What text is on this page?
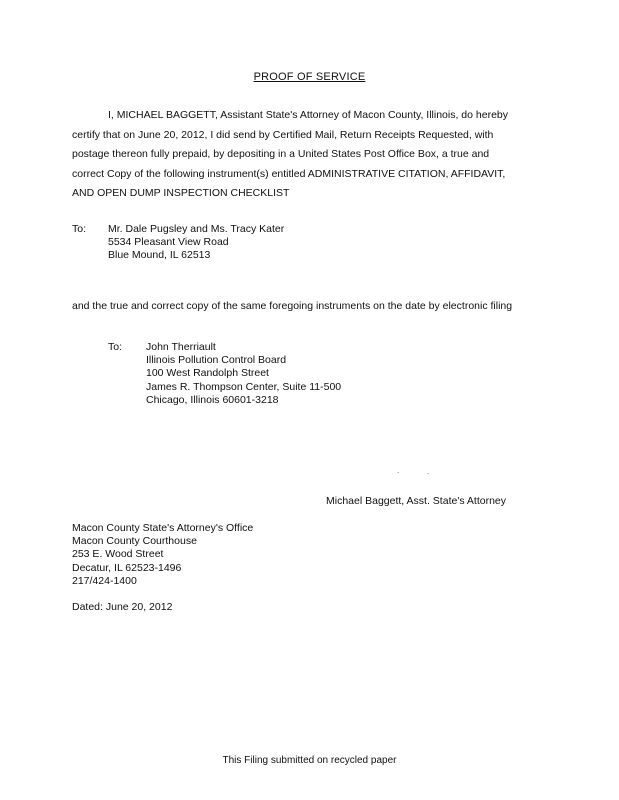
PROOF OF SERVICE
I, MICHAEL BAGGETT, Assistant State's Attorney of Macon County, Illinois, do hereby
certify that on June 20, 2012, I did send by Certified Mail, Return Receipts Requested, with
postage thereon fully prepaid, by depositing in a United States Post Office Box, a true and
correct Copy of the following instrument(s) entitled ADMINISTRATIVE CITATION, AFFIDAVIT,
AND OPEN DUMP INSPECTION CHECKLIST
To: Mr. Dale Pugsley and Ms. Tracy Kater
5534 Pleasant View Road
Blue Mound, IL 62513
and the true and correct copy of the same foregoing instruments on the date by electronic filing
To: John Therriault
Illinois Pollution Control Board
100 West Randolph Street
James R. Thompson Center, Suite 11-500
Chicago, Illinois 60601-3218
.	.
Michael Baggett, Asst. State's Attorney
Macon County State's Attorney's Office
Macon County Courthouse
253 E. Wood Street
Decatur, IL 62523-1496
217/424-1400
Dated: June 20, 2012
This Filing submitted on recycled paper
